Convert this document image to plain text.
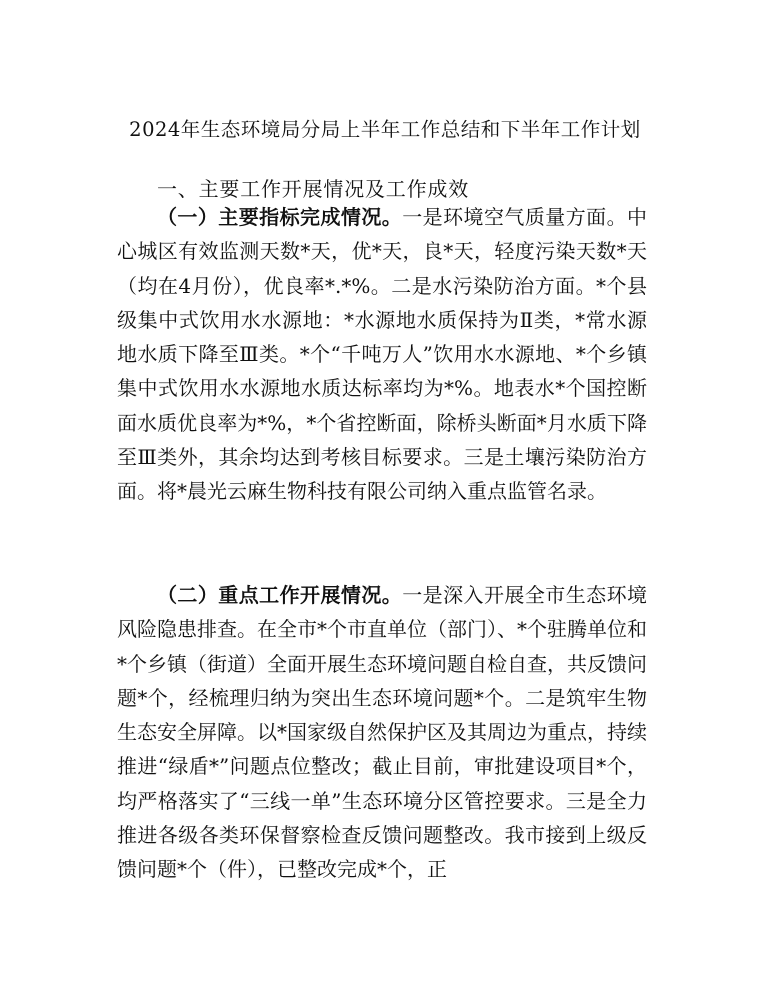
2024年生态环境局分局上半年工作总结和下半年工作计划
一、主要工作开展情况及工作成效

（一）主要指标完成情况。一是环境空气质量方面。中心城区有效监测天数*天，优*天，良*天，轻度污染天数*天（均在4月份），优良率*.*%。二是水污染防治方面。*个县级集中式饮用水水源地：*水源地水质保持为Ⅱ类，*常水源地水质下降至Ⅲ类。*个“千吨万人”饮用水水源地、*个乡镇集中式饮用水水源地水质达标率均为*%。地表水*个国控断面水质优良率为*%，*个省控断面，除桥头断面*月水质下降至Ⅲ类外，其余均达到考核目标要求。三是土壤污染防治方面。将*晨光云麻生物科技有限公司纳入重点监管名录。

（二）重点工作开展情况。一是深入开展全市生态环境风险隐患排查。在全市*个市直单位（部门）、*个驻腾单位和*个乡镇（街道）全面开展生态环境问题自检自查，共反馈问题*个，经梳理归纳为突出生态环境问题*个。二是筑牢生物生态安全屏障。以*国家级自然保护区及其周边为重点，持续推进“绿盾*”问题点位整改；截止目前，审批建设项目*个，均严格落实了“三线一单”生态环境分区管控要求。三是全力推进各级各类环保督察检查反馈问题整改。我市接到上级反馈问题*个（件），已整改完成*个，正
